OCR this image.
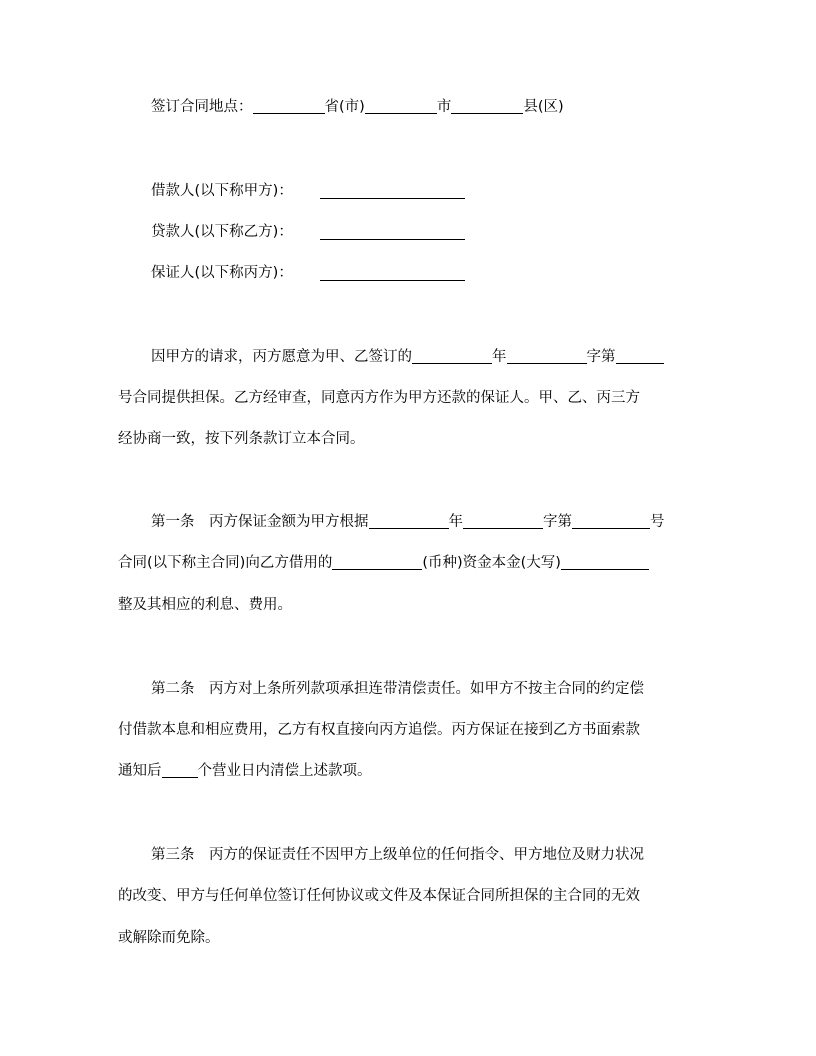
签订合同地点：	省(市)	市	县(区)
借款人(以下称甲方)：
贷款人(以下称乙方)：
保证人(以下称丙方)：
因甲方的请求，丙方愿意为甲、乙签订的	年	字第
号合同提供担保。乙方经审查，同意丙方作为甲方还款的保证人。甲、乙、丙三方
经协商一致，按下列条款订立本合同。
第一条　丙方保证金额为甲方根据	年	字第	号
合同(以下称主合同)向乙方借用的	(币种)资金本金(大写)
整及其相应的利息、费用。
第二条　丙方对上条所列款项承担连带清偿责任。如甲方不按主合同的约定偿
付借款本息和相应费用，乙方有权直接向丙方追偿。丙方保证在接到乙方书面索款
通知后 个营业日内清偿上述款项。
第三条　丙方的保证责任不因甲方上级单位的任何指令、甲方地位及财力状况
的改变、甲方与任何单位签订任何协议或文件及本保证合同所担保的主合同的无效
或解除而免除。
